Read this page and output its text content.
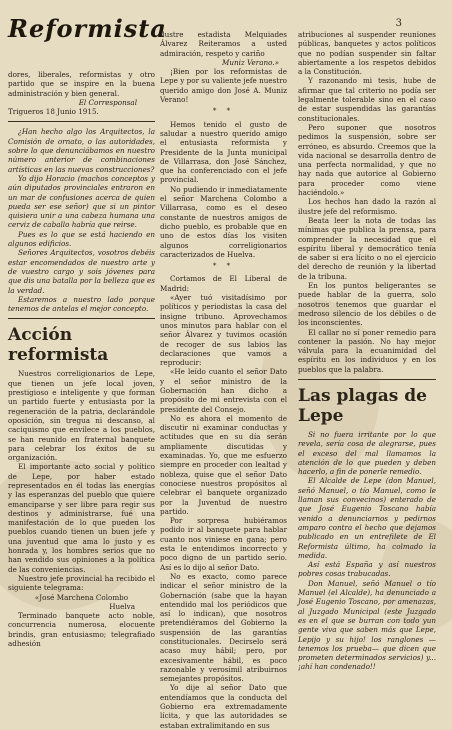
Reformista	3

dores, liberales, reformistas y otro partido que se inspire en la buena administración y bien general.

El Corresponsal

Trigueros 18 Junio 1915.

¿Han hecho algo los Arquitectos, la Comisión de ornato, o las autoridades, sobre lo que denunciábamos en nuestro número anterior de combinaciones artísticas en las nuevas construcciones?

Yo dijo Horacio (machos conceptos y aún diputados provinciales entraron en un mar de confusiones acerca de quien pueda ser ese señor) que si un pintor quisiera unir a una cabeza humana una cerviz de caballo habría que reirse.

Pues es lo que se está haciendo en algunos edificios.

Señores Arquitectos, vosotros debéis estar encomendados de nuestro arte y de vuestro cargo y sois jóvenes para que dis una batalla por la belleza que es la verdad.

Estaremos a nuestro lado porque tenemos de antelas el mejor concepto.

Acción reformista

Nuestros correligionarios de Lepe, que tienen un jefe local joven, prestigioso e inteligente y que forman un partido fuerte y entusiasta por la regeneración de la patria, declarándole oposición, sin tregua ni descanso, al caciquismo que envilece a los pueblos, se han reunido en fraternal banquete para celebrar los éxitos de su organización.

El importante acto social y político de Lepe, por haber estado representados en él todas las energías y las esperanzas del pueblo que quiere emanciparse y ser libre para regir sus destinos y administrarse, fué una manifestación de lo que pueden los pueblos cuando tienen un buen jefe y una juventud que ama lo justo y es honrada y, los hombres serios que no han vendido sus opiniones a la política de las conveniencias.

Nuestro jefe provincial ha recibido el siguiente telegrama:

«José Marchena Colombo

Huelva

Terminado banquete acto noble, concurrencia numerosa, elocuente brindis, gran entusiasmo; telegrafiado adhesión

ilustre estadista Melquiades Álvarez Reiteramos a usted admiración, respeto y cariño

Muniz Verano.»

¡Bien por los reformistas de Lepe y por su valiente jefe nuestro querido amigo don José A. Muniz Verano!

* *

Hemos tenido el gusto de saludar a nuestro querido amigo el entusiasta reformista y Presidente de la Junta municipal de Villarrasa, don José Sánchez, que ha conferenciado con el jefe provincial.

No pudiendo ir inmediatamente el señor Marchena Colombo a Villarrasa, como es el deseo constante de nuestros amigos de dicho pueblo, es probable que en uno de estos días los visiten algunos correligionarios caracterizados de Huelva.

* *

Cortamos de El Liberal de Madrid:

«Ayer tuó visitadísimo por políticos y periodistas la casa del insigne tribuno. Aprovechamos unos minutos para hablar con el señor Álvarez y tuvimos ocasión de recoger de sus labios las declaraciones que vamos a reproducir:

«He leído cuanto el señor Dato y el señor ministro de la Gobernación han dicho a propósito de mi entrevista con el presidente del Consejo.

No es ahora el momento de discutir ni examinar conductas y actitudes que en su día serán ampliamente discutidas y examinadas. Yo, que me esfuerzo siempre en proceder con lealtad y nobleza, quise que el señor Dato conociese nuestros propósitos al celebrar el banquete organizado por la Juventud de nuestro partido.

Por sorpresa hubiéramos podido ir al banquete para hablar cuanto nos viniese en gana; pero esta le entendimos incorrecto y poco digno de un partido serio. Así es lo dijo al señor Dato.

No es exacto, como parece indicar el señor ministro de la Gobernación (sabe que la hayan entendido mal los periódicos que así lo indican), que nosotros pretendiéramos del Gobierno la suspensión de las garantías constitucionales. Decirselo será acaso muy hábil; pero, por excesivamente hábil, es poco razonable y verosímil atribuirnos semejantes propósitos.

Yo dije al señor Dato que entendíamos que la conducta del Gobierno era extremadamente lícita, y que las autoridades se estaban extralimitando en sus

atribuciones al suspender reuniones públicas, banquetes y actos políticos que no podían suspender sin faltar abiertamente a los respetos debidos a la Constitución.

Y razonando mi tesis, hube de afirmar que tal criterio no podía ser legalmente tolerable sino en el caso de estar suspendidas las garantías constitucionales.

Pero suponer que nosotros pedimos la suspensión, sobre ser erróneo, es absurdo. Creemos que la vida nacional se desarrolla dentro de una perfecta normalidad, y que no hay nada que autorice al Gobierno para proceder como viene haciéndolo.»

Los hechos han dado la razón al ilustre jefe del reformismo.

Beata leer la nota de todas las mínimas que publica la prensa, para comprender la necesidad que el espíritu liberal y democrático tenía de saber si era lícito o no el ejercicio del derecho de reunión y la libertad de la tribuna.

En los puntos beligerantes se puede hablar de la guerra, solo nosotros tenemos que guardar el medroso silencio de los débiles o de los inconscientes.

El callar no sí poner remedio para contener la pasión. No hay mejor válvula para la ecuanimidad del espíritu en los individuos y en los pueblos que la palabra.

Las plagas de Lepe

Si no fuera irritante por lo que revela, sería cosa de alegrarse, pues el exceso del mal llamamos la atención de lo que pueden y deben hacerlo, a fin de ponerle remedio.

El Alcalde de Lepe (don Manuel, señó Manuel, o tío Manuel, como le llaman sus convecinos) enterado de que José Eugenio Toscano había venido a denunciarnos y pedirnos amparo contra el hecho que dejamos publicado en un entrefilete de El Reformista último, ha colmado la medida.

Así está España y así nuestros pobres cosas trabucadas.

Don Manuel, señó Manuel o tío Manuel (el Alcalde), ha denunciado a José Eugenio Toscano, por amenazas, al Juzgado Municipal (este Juzgado es en el que se burran con todo yun gente viva que saben más que Lepe, Lepijo y su hijo! los ranglones —tenemos los prueba— que dicen que prometen determinados servicios) y... ¡ahí han condenado!!
